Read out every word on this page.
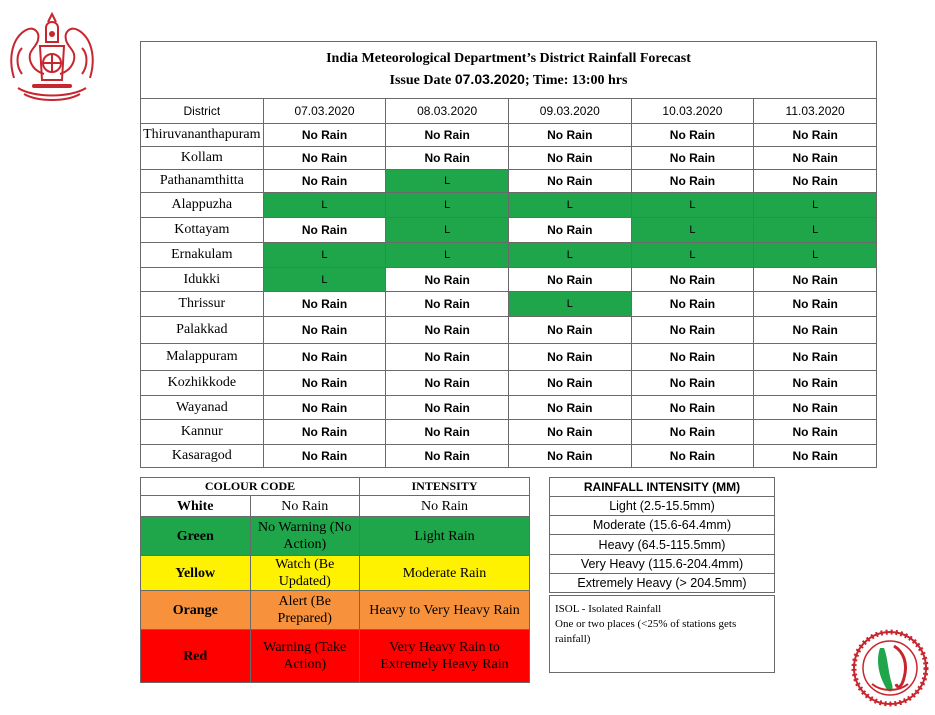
India Meteorological Department’s District Rainfall Forecast
Issue Date 07.03.2020; Time: 13:00 hrs					

District	07.03.2020	08.03.2020	09.03.2020	10.03.2020	11.03.2020
Thiruvananthapuram	No Rain	No Rain	No Rain	No Rain	No Rain
Kollam	No Rain	No Rain	No Rain	No Rain	No Rain
Pathanamthitta	No Rain	L	No Rain	No Rain	No Rain
Alappuzha	L	L	L	L	L
Kottayam	No Rain	L	No Rain	L	L
Ernakulam	L	L	L	L	L
Idukki	L	No Rain	No Rain	No Rain	No Rain
Thrissur	No Rain	No Rain	L	No Rain	No Rain
Palakkad	No Rain	No Rain	No Rain	No Rain	No Rain
Malappuram	No Rain	No Rain	No Rain	No Rain	No Rain
Kozhikkode	No Rain	No Rain	No Rain	No Rain	No Rain
Wayanad	No Rain	No Rain	No Rain	No Rain	No Rain
Kannur	No Rain	No Rain	No Rain	No Rain	No Rain
Kasaragod	No Rain	No Rain	No Rain	No Rain	No Rain
COLOUR CODE		INTENSITY
White	No Rain	No Rain
Green	No Warning (No Action)	Light Rain
Yellow	Watch (Be Updated)	Moderate Rain
Orange	Alert (Be Prepared)	Heavy to Very Heavy Rain
Red	Warning (Take Action)	Very Heavy Rain to Extremely Heavy Rain
RAINFALL INTENSITY (MM)
Light (2.5-15.5mm)
Moderate (15.6-64.4mm)
Heavy (64.5-115.5mm)
Very Heavy (115.6-204.4mm)
Extremely Heavy (> 204.5mm)
ISOL - Isolated Rainfall
One or two places (<25% of stations gets rainfall)
